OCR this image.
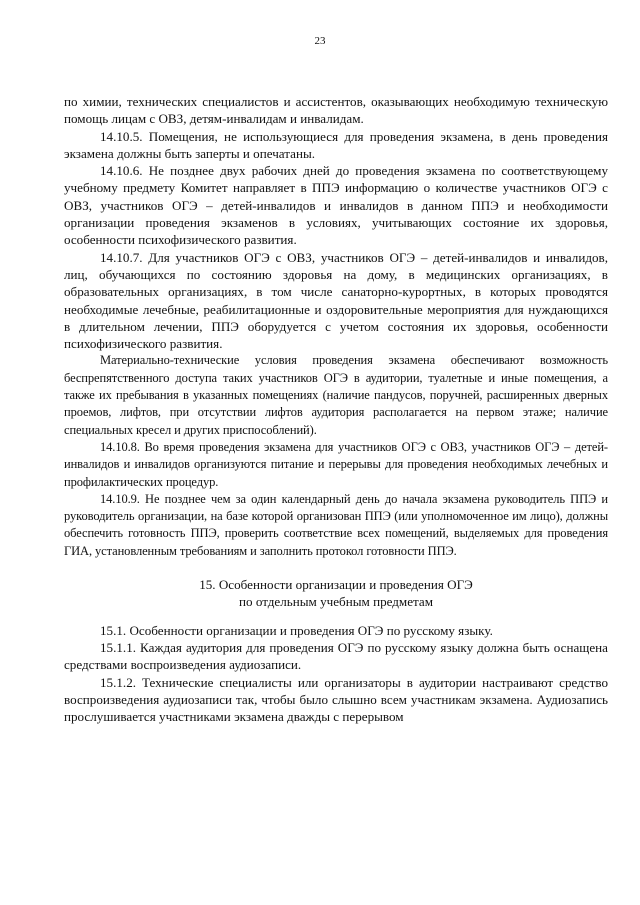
23

по химии, технических специалистов и ассистентов, оказывающих необходимую техническую помощь лицам с ОВЗ, детям-инвалидам и инвалидам.

14.10.5. Помещения, не использующиеся для проведения экзамена, в день проведения экзамена должны быть заперты и опечатаны.

14.10.6. Не позднее двух рабочих дней до проведения экзамена по соответствующему учебному предмету Комитет направляет в ППЭ информацию о количестве участников ОГЭ с ОВЗ, участников ОГЭ – детей-инвалидов и инвалидов в данном ППЭ и необходимости организации проведения экзаменов в условиях, учитывающих состояние их здоровья, особенности психофизического развития.

14.10.7. Для участников ОГЭ с ОВЗ, участников ОГЭ – детей-инвалидов и инвалидов, лиц, обучающихся по состоянию здоровья на дому, в медицинских организациях, в образовательных организациях, в том числе санаторно-курортных, в которых проводятся необходимые лечебные, реабилитационные и оздоровительные мероприятия для нуждающихся в длительном лечении, ППЭ оборудуется с учетом состояния их здоровья, особенности психофизического развития.

Материально-технические условия проведения экзамена обеспечивают возможность беспрепятственного доступа таких участников ОГЭ в аудитории, туалетные и иные помещения, а также их пребывания в указанных помещениях (наличие пандусов, поручней, расширенных дверных проемов, лифтов, при отсутствии лифтов аудитория располагается на первом этаже; наличие специальных кресел и других приспособлений).

14.10.8. Во время проведения экзамена для участников ОГЭ с ОВЗ, участников ОГЭ – детей-инвалидов и инвалидов организуются питание и перерывы для проведения необходимых лечебных и профилактических процедур.

14.10.9. Не позднее чем за один календарный день до начала экзамена руководитель ППЭ и руководитель организации, на базе которой организован ППЭ (или уполномоченное им лицо), должны обеспечить готовность ППЭ, проверить соответствие всех помещений, выделяемых для проведения ГИА, установленным требованиям и заполнить протокол готовности ППЭ.

15. Особенности организации и проведения ОГЭ
по отдельным учебным предметам

15.1. Особенности организации и проведения ОГЭ по русскому языку.

15.1.1. Каждая аудитория для проведения ОГЭ по русскому языку должна быть оснащена средствами воспроизведения аудиозаписи.

15.1.2. Технические специалисты или организаторы в аудитории настраивают средство воспроизведения аудиозаписи так, чтобы было слышно всем участникам экзамена. Аудиозапись прослушивается участниками экзамена дважды с перерывом
